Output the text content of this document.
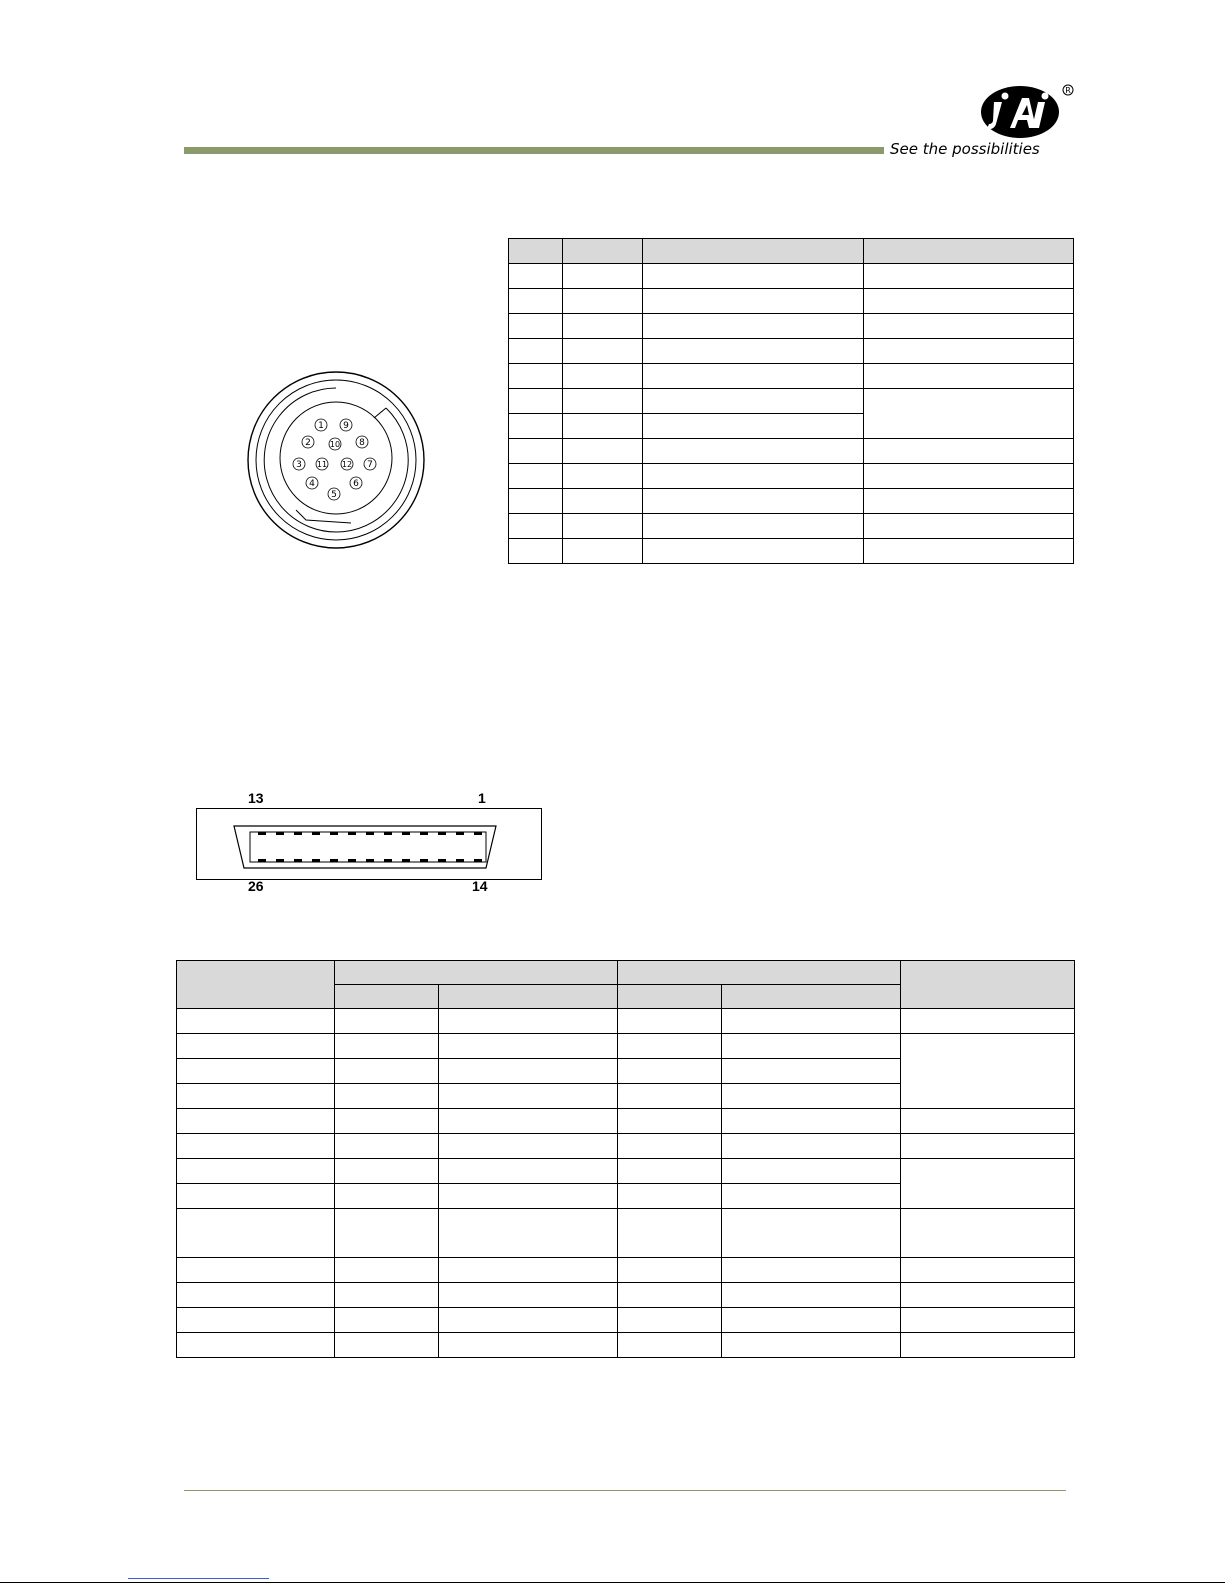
R
See the possibilities
1 9
2 10 8
3 11 12 7
4	6
5

13	1
26	14
